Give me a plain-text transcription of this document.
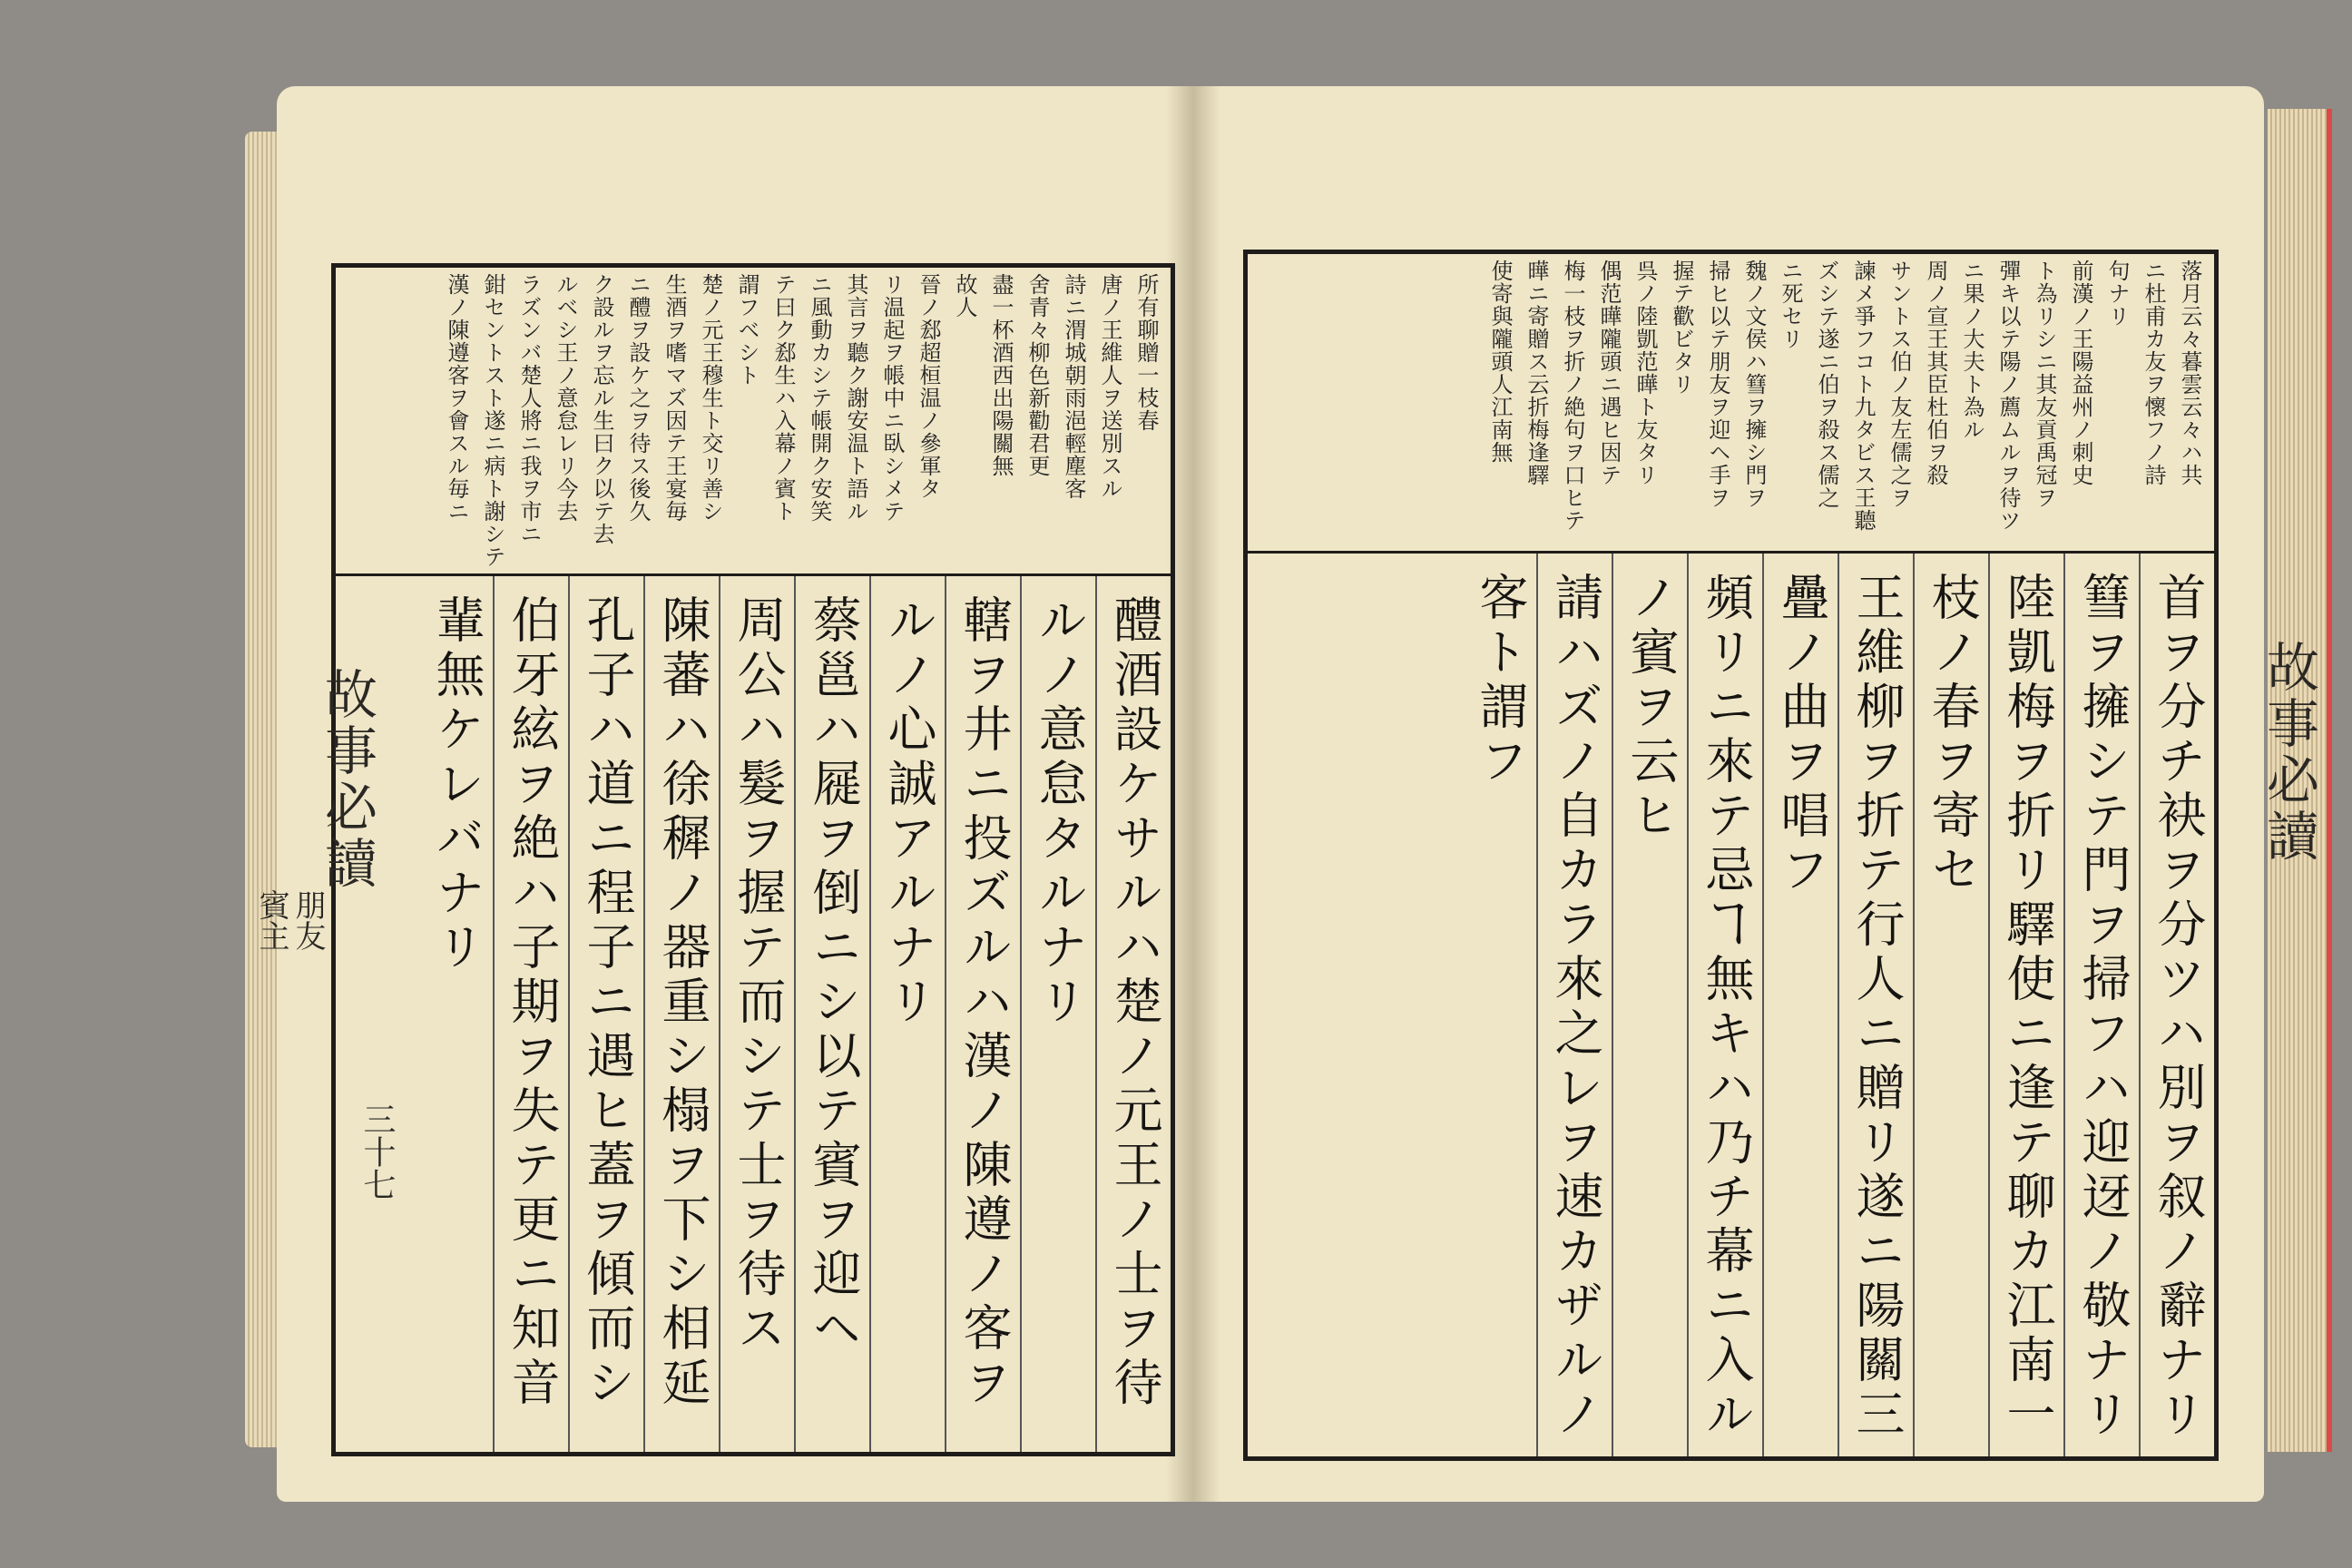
所有聊贈一枝春
唐ノ王維人ヲ送別スル
詩ニ渭城朝雨浥輕塵客
舍青々柳色新勸君更
盡一杯酒西出陽關無
故人
晉ノ郄超桓温ノ參軍タ
リ温起ヲ帳中ニ臥シメテ
其言ヲ聽ク謝安温ト語ル
ニ風動カシテ帳開ク安笑
テ曰ク郄生ハ入幕ノ賓ト
謂フベシト
楚ノ元王穆生ト交リ善シ
生酒ヲ嗜マズ因テ王宴毎
ニ醴ヲ設ケ之ヲ待ス後久
ク設ルヲ忘ル生曰ク以テ去
ルベシ王ノ意怠レリ今去
ラズンバ楚人將ニ我ヲ市ニ
鉗セントスト遂ニ病ト謝シテ
漢ノ陳遵客ヲ會スル毎ニ
醴酒設ケサルハ楚ノ元王ノ士ヲ待
ルノ意怠タルナリ
轄ヲ井ニ投ズルハ漢ノ陳遵ノ客ヲ
ルノ心誠アルナリ
蔡邕ハ屣ヲ倒ニシ以テ賓ヲ迎ヘ
周公ハ髮ヲ握テ而シテ士ヲ待ス
陳蕃ハ徐穉ノ器重シ榻ヲ下シ相延
孔子ハ道ニ程子ニ遇ヒ蓋ヲ傾而シ
伯牙絃ヲ絶ハ子期ヲ失テ更ニ知音
輩無ケレバナリ
落月云々暮雲云々ハ共
ニ杜甫カ友ヲ懷フノ詩
句ナリ
前漢ノ王陽益州ノ刺史
ト為リシニ其友貢禹冠ヲ
彈キ以テ陽ノ薦ムルヲ待ツ
ニ果ノ大夫ト為ル
周ノ宣王其臣杜伯ヲ殺
サントス伯ノ友左儒之ヲ
諫メ爭フコト九タビス王聽
ズシテ遂ニ伯ヲ殺ス儒之
ニ死セリ
魏ノ文侯ハ篲ヲ擁シ門ヲ
掃ヒ以テ朋友ヲ迎ヘ手ヲ
握テ歡ビタリ
呉ノ陸凱范曄ト友タリ
偶范曄隴頭ニ遇ヒ因テ
梅一枝ヲ折ノ絶句ヲ口ヒテ
曄ニ寄贈ス云折梅逢驛
使寄與隴頭人江南無
首ヲ分チ袂ヲ分ツハ別ヲ叙ノ辭ナリ
篲ヲ擁シテ門ヲ掃フハ迎迓ノ敬ナリ
陸凱梅ヲ折リ驛使ニ逢テ聊カ江南一
枝ノ春ヲ寄セ
王維柳ヲ折テ行人ニ贈リ遂ニ陽關三
疊ノ曲ヲ唱フ
頻リニ來テ忌ヿ無キハ乃チ幕ニ入ル
ノ賓ヲ云ヒ
請ハズノ自カラ來之レヲ速カザルノ
客ト謂フ
故事必讀
朋友
賓主
三十七
故事必讀
